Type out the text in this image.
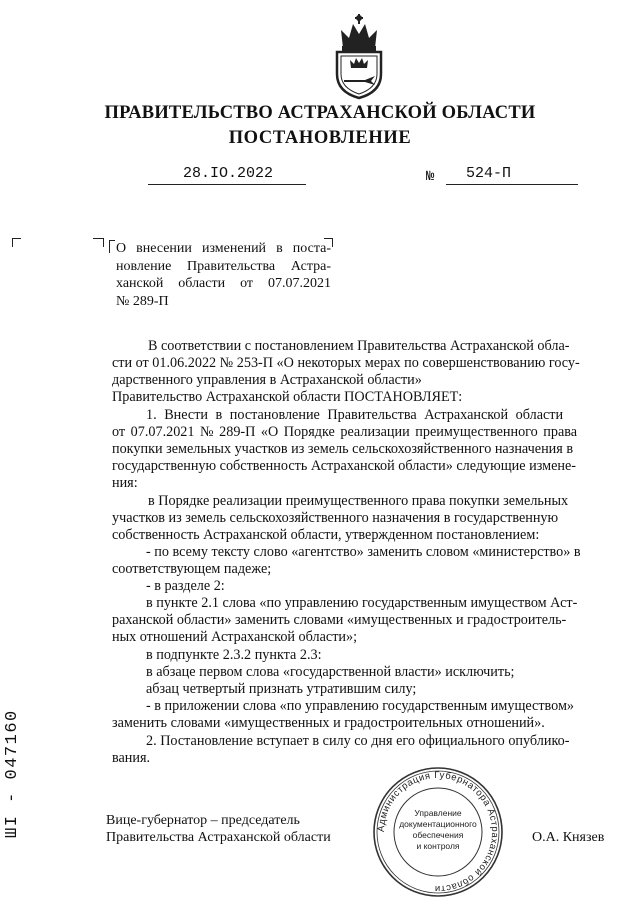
ПРАВИТЕЛЬСТВО АСТРАХАНСКОЙ ОБЛАСТИ
ПОСТАНОВЛЕНИЕ
28.IO.2022	№ 524-П
О внесении изменений в поста-
новление Правительства Астра-
ханской области от 07.07.2021
№ 289-П
В соответствии с постановлением Правительства Астраханской обла-
сти от 01.06.2022 № 253-П «О некоторых мерах по совершенствованию госу-
дарственного управления в Астраханской области»
Правительство Астраханской области ПОСТАНОВЛЯЕТ:
1. Внести в постановление Правительства Астраханской области
от 07.07.2021 № 289-П «О Порядке реализации преимущественного права
покупки земельных участков из земель сельскохозяйственного назначения в
государственную собственность Астраханской области» следующие измене-
ния:
в Порядке реализации преимущественного права покупки земельных
участков из земель сельскохозяйственного назначения в государственную
собственность Астраханской области, утвержденном постановлением:
- по всему тексту слово «агентство» заменить словом «министерство» в
соответствующем падеже;
- в разделе 2:
в пункте 2.1 слова «по управлению государственным имуществом Аст-
раханской области» заменить словами «имущественных и градостроитель-
ных отношений Астраханской области»;
в подпункте 2.3.2 пункта 2.3:
в абзаце первом слова «государственной власти» исключить;
абзац четвертый признать утратившим силу;
- в приложении слова «по управлению государственным имуществом»
заменить словами «имущественных и градостроительных отношений».
2. Постановление вступает в силу со дня его официального опублико-
вания.
Администрация Губернатора Астраханской области
Управление
документационного
обеспечения
и контроля
Вице-губернатор – председатель
Правительства Астраханской области	О.А. Князев
ШI - 047160
